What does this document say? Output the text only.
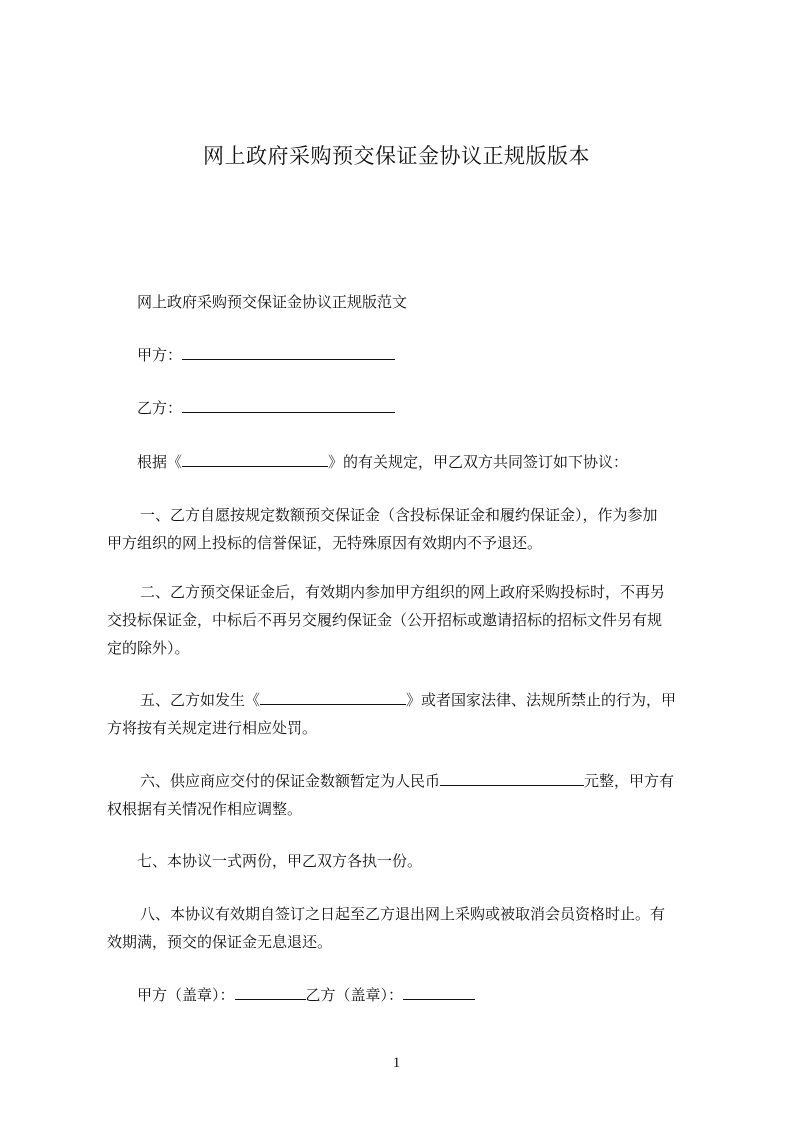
网上政府采购预交保证金协议正规版版本
网上政府采购预交保证金协议正规版范文
甲方：
乙方：
根据《	》的有关规定，甲乙双方共同签订如下协议：
一、乙方自愿按规定数额预交保证金（含投标保证金和履约保证金），作为参加
甲方组织的网上投标的信誉保证，无特殊原因有效期内不予退还。
二、乙方预交保证金后，有效期内参加甲方组织的网上政府采购投标时，不再另
交投标保证金，中标后不再另交履约保证金（公开招标或邀请招标的招标文件另有规
定的除外）。
五、乙方如发生《	》或者国家法律、法规所禁止的行为，甲
方将按有关规定进行相应处罚。
六、供应商应交付的保证金数额暂定为人民币	元整，甲方有
权根据有关情况作相应调整。
七、本协议一式两份，甲乙双方各执一份。
八、本协议有效期自签订之日起至乙方退出网上采购或被取消会员资格时止。有
效期满，预交的保证金无息退还。
甲方（盖章）：	乙方（盖章）：
1
